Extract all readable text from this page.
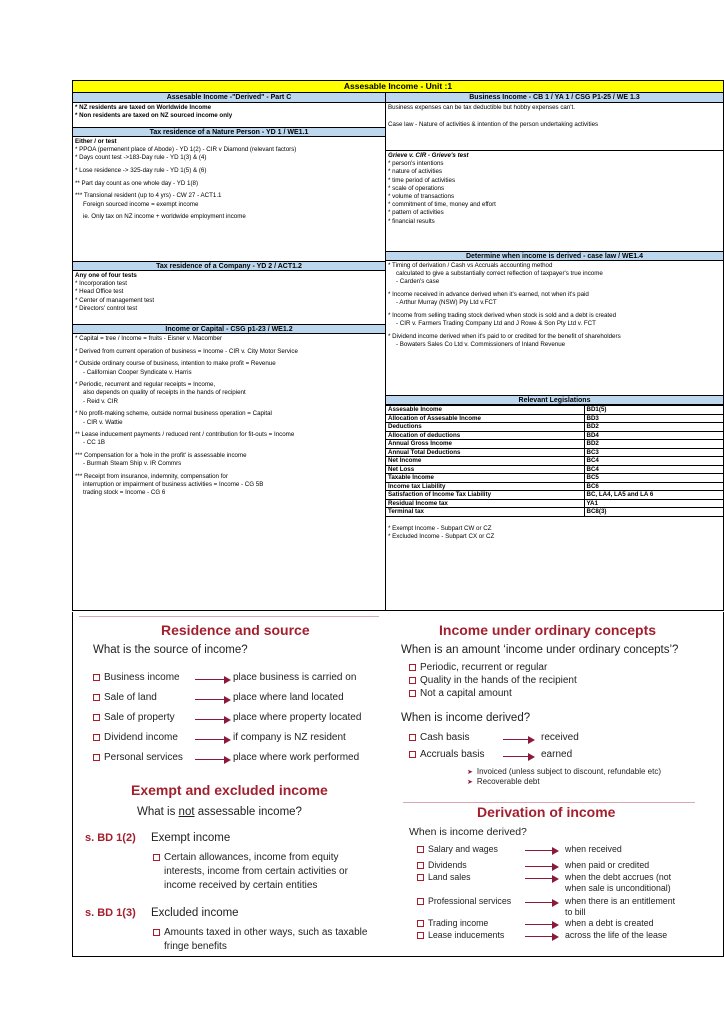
Assesable Income - Unit :1
Assesable Income -"Derived" - Part C

* NZ residents are taxed on Worldwide Income

* Non residents are taxed on NZ sourced income only

Tax residence of a Nature Person - YD 1 / WE1.1

Either / or test

* PPOA (permenent place of Abode) - YD 1(2) - CIR v Diamond (relevant factors)

* Days count test ->183-Day rule - YD 1(3) & (4)

* Lose residence -> 325-day rule - YD 1(5) & (6)

** Part day count as one whole day - YD 1(8)

*** Transional resident (up to 4 yrs) - CW 27 - ACT1.1

Foreign sourced income = exempt income

ie. Only tax on NZ income + worldwide employment income

Tax residence of a Company - YD 2 / ACT1.2

Any one of four tests

* Incorporation test

* Head Office test

* Center of management test

* Directors' control test

Income or Capital - CSG p1-23 / WE1.2

* Capital = tree / Income = fruits - Eisner v. Macomber

* Derived from current operation of business = Income - CIR v. City Motor Service

* Outside ordinary course of business, intention to make profit = Revenue

- Californian Cooper Syndicate v. Harris

* Periodic, recurrent and regular receipts = Income,

also depends on quality of receipts in the hands of recipient

- Reid v. CIR

* No profit-making scheme, outside normal business operation = Capital

- CIR v. Wattie

** Lease inducement payments / reduced rent / contribution for fit-outs = Income

- CC 1B

*** Compensation for a 'hole in the profit' is assessable income

- Burmah Steam Ship v. IR Commrs

*** Receipt from insurance, indemnity, compensation for

interruption or impairment of business activities = Income - CG 5B

trading stock = Income - CG 6

Business Income - CB 1 / YA 1 / CSG P1-25 / WE 1.3

Business expenses can be tax deductible but hobby expenses can't.

Case law - Nature of activities & intention of the person undertaking activities

Grieve v. CIR - Grieve's test

* person's intentions

* nature of activities

* time period of activities

* scale of operations

* volume of transactions

* commitment of time, money and effort

* pattern of activities

* financial results

Determine when income is derived - case law / WE1.4

* Timing of derivation / Cash vs Accruals accounting method

calculated to give a substantially correct reflection of taxpayer's true income

- Carden's case

* Income received in advance derived when it's earned, not when it's paid

- Arthur Murray (NSW) Pty Ltd v.FCT

* Income from selling trading stock derived when stock is sold and a debt is created

- CIR v. Farmers Trading Company Ltd and J Rowe & Son Pty Ltd v. FCT

* Dividend income derived when it's paid to or credited for the benefit of shareholders

- Bowaters Sales Co Ltd v. Commissioners of Inland Revenue

Relevant Legislations
Assesable Income	BD1(5)
Allocation of Assesable Income	BD3
Deductions	BD2
Allocation of deductions	BD4
Annual Gross Income	BD2
Annual Total Deductions	BC3
Net Income	BC4
Net Loss	BC4
Taxable Income	BC5
Income tax Liability	BC6
Satisfaction of Income Tax Liability	BC, LA4, LA5 and LA 6
Residual Income tax	YA1
Terminal tax	BC8(3)

* Exempt Income - Subpart CW or CZ

* Excluded Income - Subpart CX or CZ

Residence and source
What is the source of income?
Business income	place business is carried on
Sale of land	place where land located
Sale of property	place where property located
Dividend income	if company is NZ resident
Personal services	place where work performed
Exempt and excluded income
What is not assessable income?
s. BD 1(2) Exempt income
Certain allowances, income from equity
interests, income from certain activities or
income received by certain entities
s. BD 1(3) Excluded income
Amounts taxed in other ways, such as taxable
fringe benefits
Income under ordinary concepts
When is an amount ‘income under ordinary concepts’?
Periodic, recurrent or regular
Quality in the hands of the recipient
Not a capital amount
When is income derived?
Cash basis	received
Accruals basis	earned
➤ Invoiced (unless subject to discount, refundable etc)
➤ Recoverable debt
Derivation of income
When is income derived?
Salary and wages	when received
Dividends	when paid or credited
Land sales	when the debt accrues (not
when sale is unconditional)
Professional services	when there is an entitlement
to bill
Trading income	when a debt is created
Lease inducements	across the life of the lease
